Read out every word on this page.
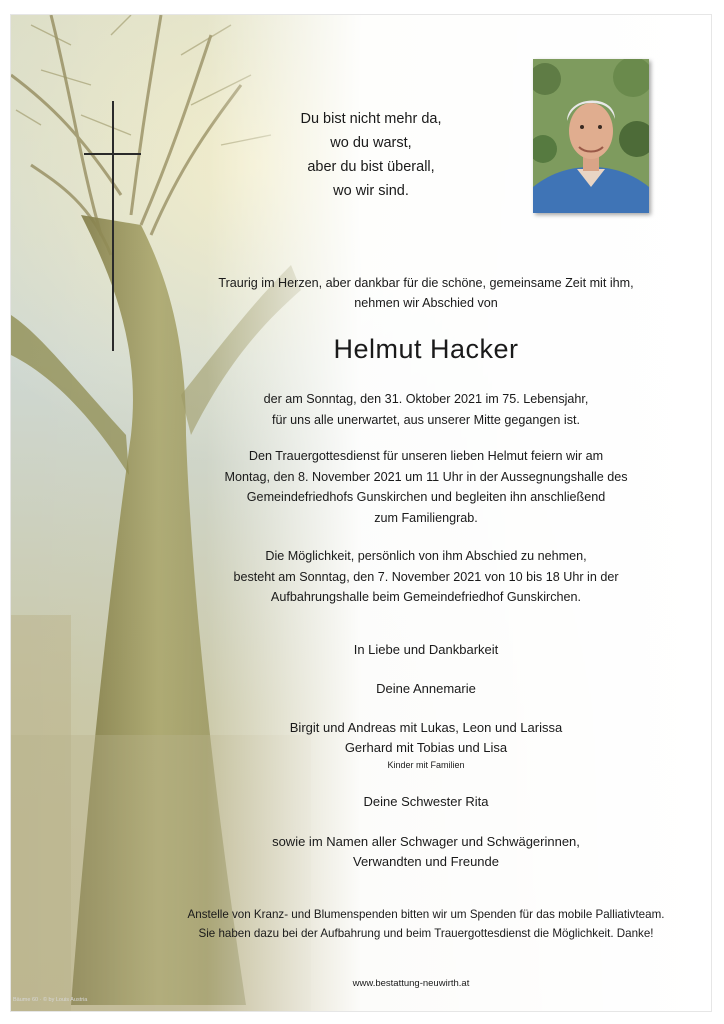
Du bist nicht mehr da,
wo du warst,
aber du bist überall,
wo wir sind.
Traurig im Herzen, aber dankbar für die schöne, gemeinsame Zeit mit ihm,
nehmen wir Abschied von
Helmut Hacker
der am Sonntag, den 31. Oktober 2021 im 75. Lebensjahr,
für uns alle unerwartet, aus unserer Mitte gegangen ist.
Den Trauergottesdienst für unseren lieben Helmut feiern wir am
Montag, den 8. November 2021 um 11 Uhr in der Aussegnungshalle des
Gemeindefriedhofs Gunskirchen und begleiten ihn anschließend
zum Familiengrab.
Die Möglichkeit, persönlich von ihm Abschied zu nehmen,
besteht am Sonntag, den 7. November 2021 von 10 bis 18 Uhr in der
Aufbahrungshalle beim Gemeindefriedhof Gunskirchen.
In Liebe und Dankbarkeit
Deine Annemarie
Birgit und Andreas mit Lukas, Leon und Larissa
Gerhard mit Tobias und Lisa
Kinder mit Familien
Deine Schwester Rita
sowie im Namen aller Schwager und Schwägerinnen,
Verwandten und Freunde
Anstelle von Kranz- und Blumenspenden bitten wir um Spenden für das mobile Palliativteam.
Sie haben dazu bei der Aufbahrung und beim Trauergottesdienst die Möglichkeit. Danke!
www.bestattung-neuwirth.at
Bäume 60 · © by Louis Austria
